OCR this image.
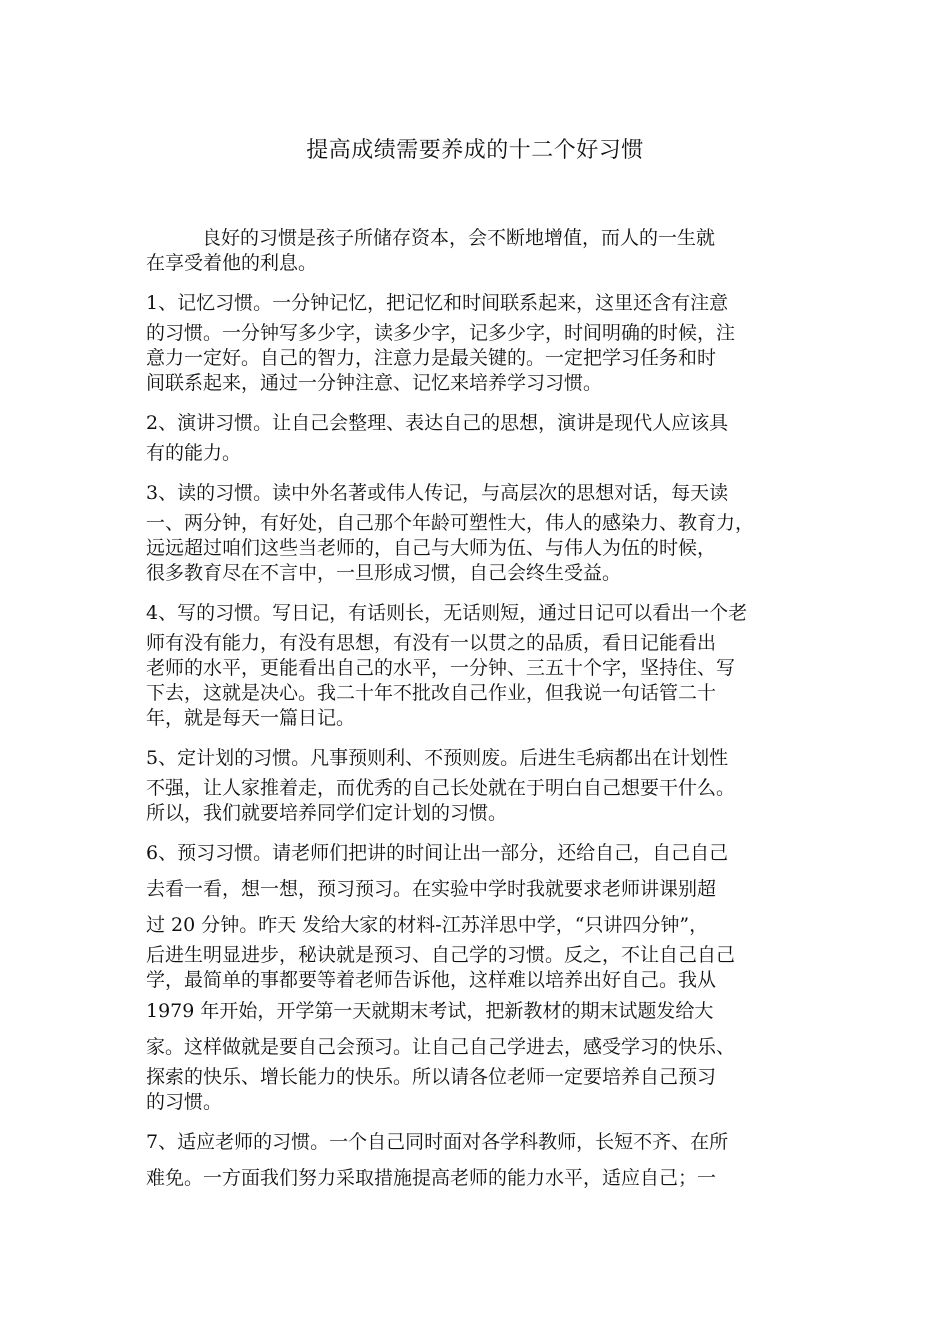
提高成绩需要养成的十二个好习惯

良好的习惯是孩子所储存资本，会不断地增值，而人的一生就
在享受着他的利息。

1、记忆习惯。一分钟记忆，把记忆和时间联系起来，这里还含有注意
的习惯。一分钟写多少字，读多少字，记多少字，时间明确的时候，注
意力一定好。自己的智力，注意力是最关键的。一定把学习任务和时
间联系起来，通过一分钟注意、记忆来培养学习习惯。

2、演讲习惯。让自己会整理、表达自己的思想，演讲是现代人应该具
有的能力。

3、读的习惯。读中外名著或伟人传记，与高层次的思想对话，每天读
一、两分钟，有好处，自己那个年龄可塑性大，伟人的感染力、教育力，
远远超过咱们这些当老师的，自己与大师为伍、与伟人为伍的时候，
很多教育尽在不言中，一旦形成习惯，自己会终生受益。

4、写的习惯。写日记，有话则长，无话则短，通过日记可以看出一个老
师有没有能力，有没有思想，有没有一以贯之的品质，看日记能看出
老师的水平，更能看出自己的水平，一分钟、三五十个字，坚持住、写
下去，这就是决心。我二十年不批改自己作业，但我说一句话管二十
年，就是每天一篇日记。

5、定计划的习惯。凡事预则利、不预则废。后进生毛病都出在计划性
不强，让人家推着走，而优秀的自己长处就在于明白自己想要干什么。
所以，我们就要培养同学们定计划的习惯。

6、预习习惯。请老师们把讲的时间让出一部分，还给自己，自己自己
去看一看，想一想，预习预习。在实验中学时我就要求老师讲课别超
过 20 分钟。昨天 发给大家的材料-江苏洋思中学，“只讲四分钟”，
后进生明显进步，秘诀就是预习、自己学的习惯。反之，不让自己自己
学，最简单的事都要等着老师告诉他，这样难以培养出好自己。我从
1979 年开始，开学第一天就期末考试，把新教材的期末试题发给大
家。这样做就是要自己会预习。让自己自己学进去，感受学习的快乐、
探索的快乐、增长能力的快乐。所以请各位老师一定要培养自己预习
的习惯。

7、适应老师的习惯。一个自己同时面对各学科教师，长短不齐、在所
难免。一方面我们努力采取措施提高老师的能力水平，适应自己；一
